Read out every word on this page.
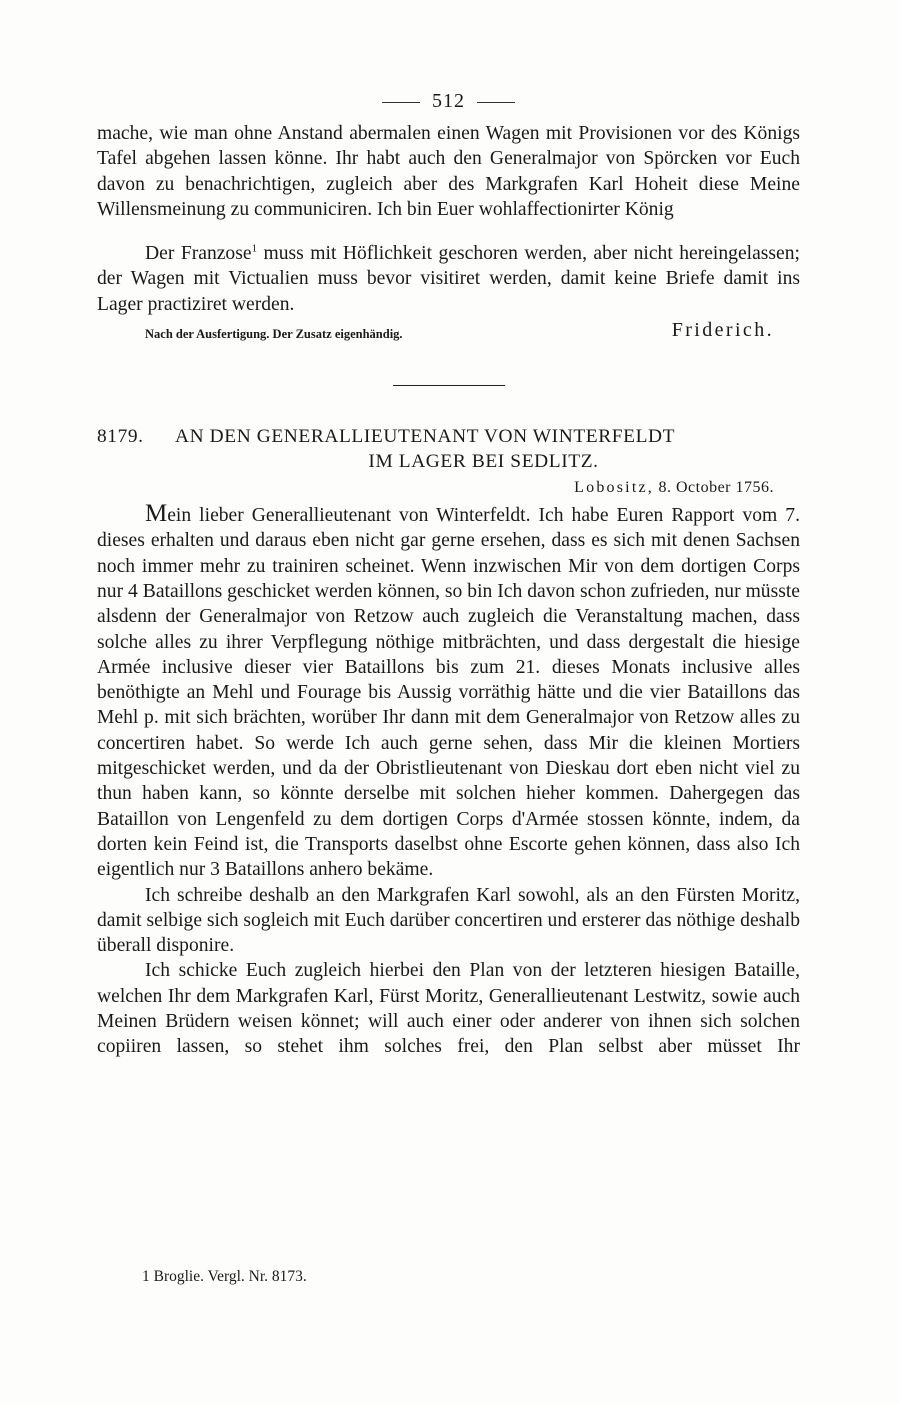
512

mache, wie man ohne Anstand abermalen einen Wagen mit Provisionen vor des Königs Tafel abgehen lassen könne. Ihr habt auch den Generalmajor von Spörcken vor Euch davon zu benachrichtigen, zugleich aber des Markgrafen Karl Hoheit diese Meine Willensmeinung zu communiciren. Ich bin Euer wohlaffectionirter König

Der Franzose$^1$ muss mit Höflichkeit geschoren werden, aber nicht hereingelassen; der Wagen mit Victualien muss bevor visitiret werden, damit keine Briefe damit ins Lager practiziret werden.

Nach der Ausfertigung. Der Zusatz eigenhändig.	Friderich.
8179. AN DEN GENERALLIEUTENANT VON WINTERFELDT
IM LAGER BEI SEDLITZ.
Lobositz, 8. October 1756.

Mein lieber Generallieutenant von Winterfeldt. Ich habe Euren Rapport vom 7. dieses erhalten und daraus eben nicht gar gerne ersehen, dass es sich mit denen Sachsen noch immer mehr zu trainiren scheinet. Wenn inzwischen Mir von dem dortigen Corps nur 4 Bataillons geschicket werden können, so bin Ich davon schon zufrieden, nur müsste alsdenn der Generalmajor von Retzow auch zugleich die Veranstaltung machen, dass solche alles zu ihrer Verpflegung nöthige mitbrächten, und dass dergestalt die hiesige Armée inclusive dieser vier Bataillons bis zum 21. dieses Monats inclusive alles benöthigte an Mehl und Fourage bis Aussig vorräthig hätte und die vier Bataillons das Mehl p. mit sich brächten, worüber Ihr dann mit dem Generalmajor von Retzow alles zu concertiren habet. So werde Ich auch gerne sehen, dass Mir die kleinen Mortiers mitgeschicket werden, und da der Obristlieutenant von Dieskau dort eben nicht viel zu thun haben kann, so könnte derselbe mit solchen hieher kommen. Dahergegen das Bataillon von Lengenfeld zu dem dortigen Corps d'Armée stossen könnte, indem, da dorten kein Feind ist, die Transports daselbst ohne Escorte gehen können, dass also Ich eigentlich nur 3 Bataillons anhero bekäme.

Ich schreibe deshalb an den Markgrafen Karl sowohl, als an den Fürsten Moritz, damit selbige sich sogleich mit Euch darüber concertiren und ersterer das nöthige deshalb überall disponire.

Ich schicke Euch zugleich hierbei den Plan von der letzteren hiesigen Bataille, welchen Ihr dem Markgrafen Karl, Fürst Moritz, Generallieutenant Lestwitz, sowie auch Meinen Brüdern weisen könnet; will auch einer oder anderer von ihnen sich solchen copiiren lassen, so stehet ihm solches frei, den Plan selbst aber müsset Ihr

1 Broglie. Vergl. Nr. 8173.
